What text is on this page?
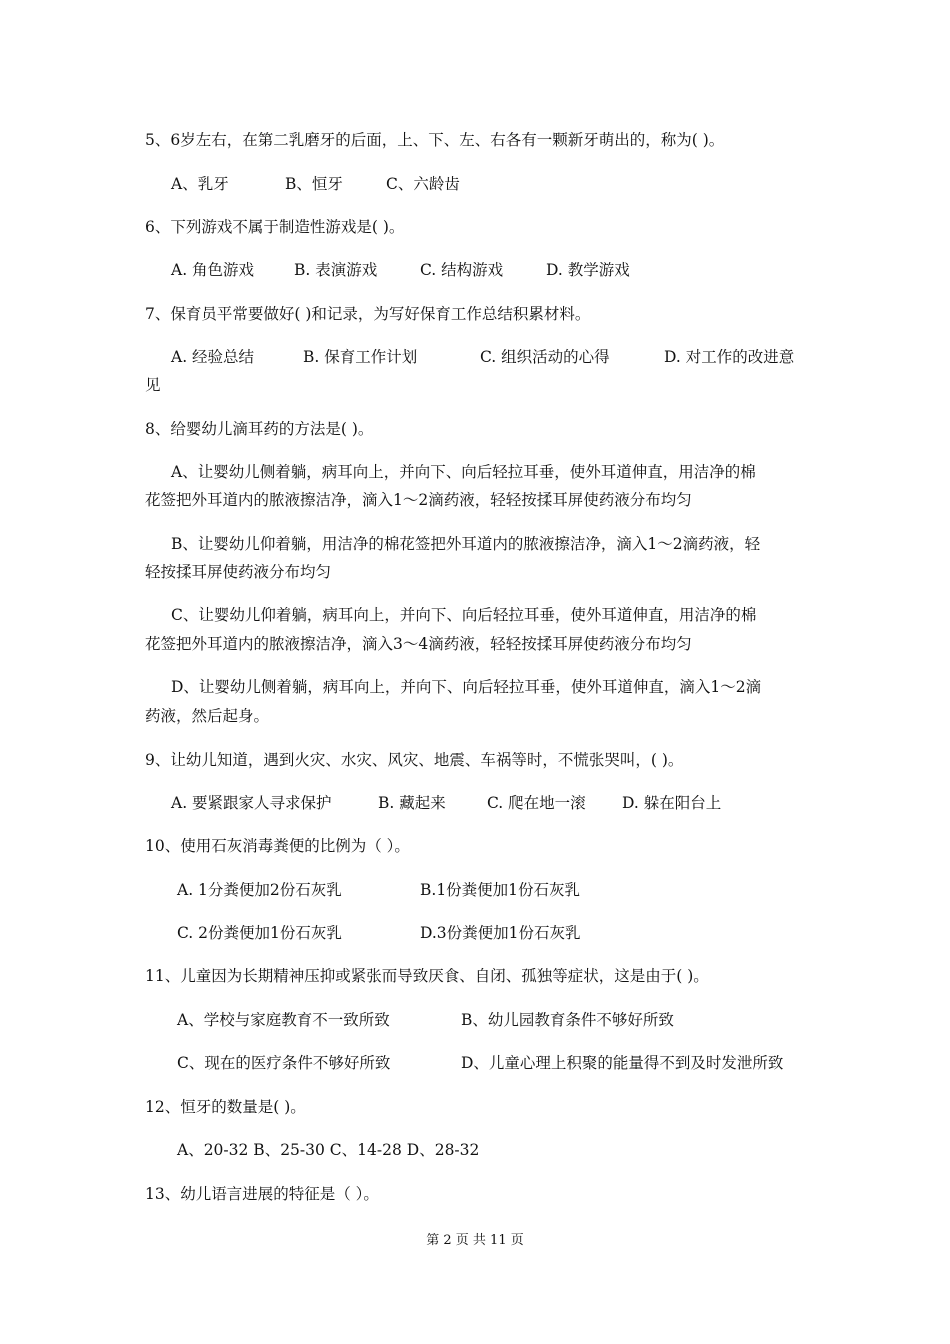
5、6岁左右，在第二乳磨牙的后面，上、下、左、右各有一颗新牙萌出的，称为( )。
A、乳牙	B、恒牙	C、六龄齿
6、下列游戏不属于制造性游戏是( )。
A. 角色游戏	B. 表演游戏	C. 结构游戏	D. 教学游戏
7、保育员平常要做好( )和记录，为写好保育工作总结积累材料。
A. 经验总结	B. 保育工作计划	C. 组织活动的心得	D. 对工作的改进意
见
8、给婴幼儿滴耳药的方法是( )。
A、让婴幼儿侧着躺，病耳向上，并向下、向后轻拉耳垂，使外耳道伸直，用洁净的棉
花签把外耳道内的脓液擦洁净，滴入1～2滴药液，轻轻按揉耳屏使药液分布均匀
B、让婴幼儿仰着躺，用洁净的棉花签把外耳道内的脓液擦洁净，滴入1～2滴药液，轻
轻按揉耳屏使药液分布均匀
C、让婴幼儿仰着躺，病耳向上，并向下、向后轻拉耳垂，使外耳道伸直，用洁净的棉
花签把外耳道内的脓液擦洁净，滴入3～4滴药液，轻轻按揉耳屏使药液分布均匀
D、让婴幼儿侧着躺，病耳向上，并向下、向后轻拉耳垂，使外耳道伸直，滴入1～2滴
药液，然后起身。
9、让幼儿知道，遇到火灾、水灾、风灾、地震、车祸等时，不慌张哭叫，( )。
A. 要紧跟家人寻求保护	B. 藏起来	C. 爬在地一滚 D. 躲在阳台上
10、使用石灰消毒粪便的比例为（ ）。
A. 1分粪便加2份石灰乳	B.1份粪便加1份石灰乳
C. 2份粪便加1份石灰乳	D.3份粪便加1份石灰乳
11、儿童因为长期精神压抑或紧张而导致厌食、自闭、孤独等症状，这是由于( )。
A、学校与家庭教育不一致所致	B、幼儿园教育条件不够好所致
C、现在的医疗条件不够好所致	D、儿童心理上积聚的能量得不到及时发泄所致
12、恒牙的数量是( )。
A、20-32 B、25-30 C、14-28 D、28-32
13、幼儿语言进展的特征是（ ）。
第 2 页 共 11 页
